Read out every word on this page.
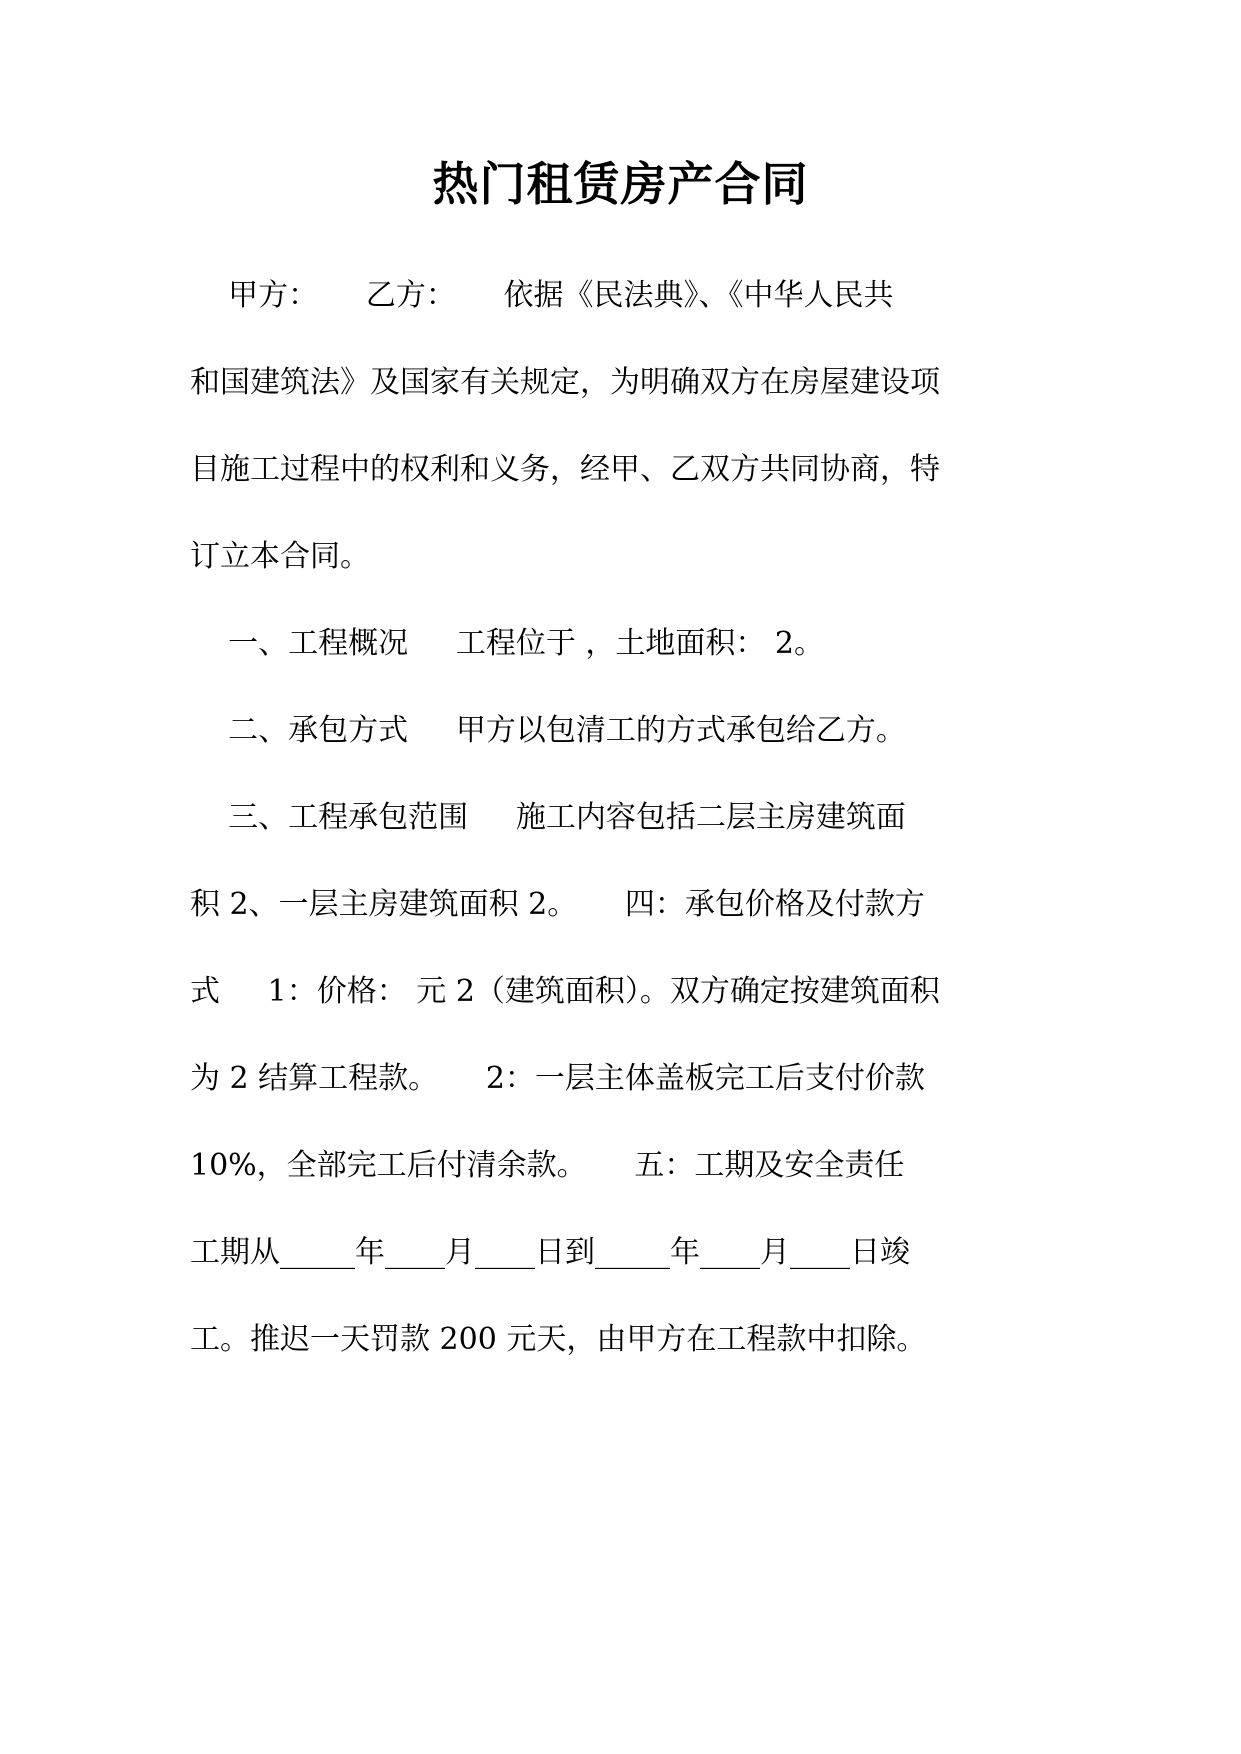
热门租赁房产合同
甲方：     乙方：     依据《民法典》、《中华人民共
和国建筑法》及国家有关规定，为明确双方在房屋建设项
目施工过程中的权利和义务，经甲、乙双方共同协商，特
订立本合同。
一、工程概况     工程位于 ，土地面积： 2。
二、承包方式     甲方以包清工的方式承包给乙方。
三、工程承包范围     施工内容包括二层主房建筑面
积 2、一层主房建筑面积 2。     四：承包价格及付款方
式     1：价格： 元 2（建筑面积）。双方确定按建筑面积
为 2 结算工程款。     2：一层主体盖板完工后支付价款
10%，全部完工后付清余款。     五：工期及安全责任
工期从_____年____月____日到_____年____月____日竣
工。推迟一天罚款 200 元天，由甲方在工程款中扣除。
